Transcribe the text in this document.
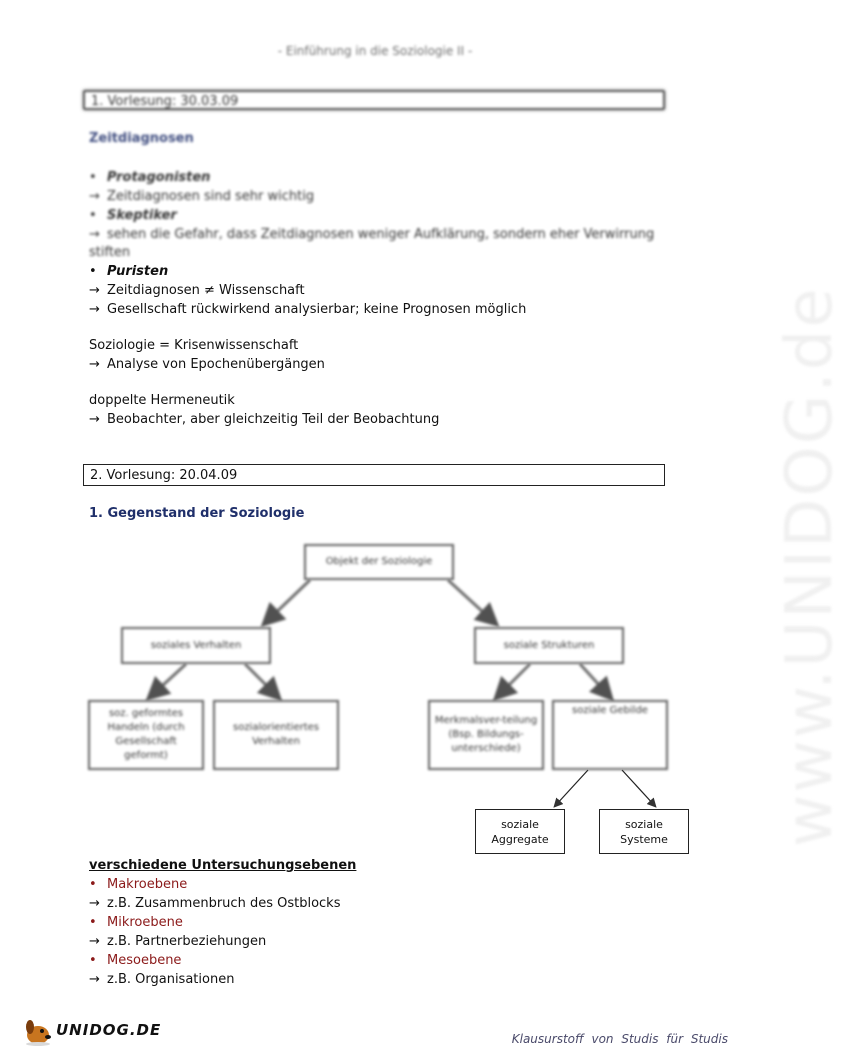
www.UNIDOG.de
- Einführung in die Soziologie II -
1. Vorlesung: 30.03.09
Zeitdiagnosen
• Protagonisten
→ Zeitdiagnosen sind sehr wichtig
• Skeptiker
→ sehen die Gefahr, dass Zeitdiagnosen weniger Aufklärung, sondern eher Verwirrung
stiften
• Puristen
→ Zeitdiagnosen ≠ Wissenschaft
→ Gesellschaft rückwirkend analysierbar; keine Prognosen möglich
Soziologie = Krisenwissenschaft
→ Analyse von Epochenübergängen
doppelte Hermeneutik
→ Beobachter, aber gleichzeitig Teil der Beobachtung
2. Vorlesung: 20.04.09
1. Gegenstand der Soziologie
Objekt der Soziologie
soziales Verhalten	soziale Strukturen
soz. geformtes Handeln (durch Gesellschaft geformt)
sozialorientiertes Verhalten
Merkmalsver-teilung (Bsp. Bildungs-unterschiede)
soziale Gebilde
soziale Aggregate
soziale Systeme
verschiedene Untersuchungsebenen
• Makroebene
→ z.B. Zusammenbruch des Ostblocks
• Mikroebene
→ z.B. Partnerbeziehungen
• Mesoebene
→ z.B. Organisationen
UNIDOG.DE	Klausurstoff von Studis für Studis
